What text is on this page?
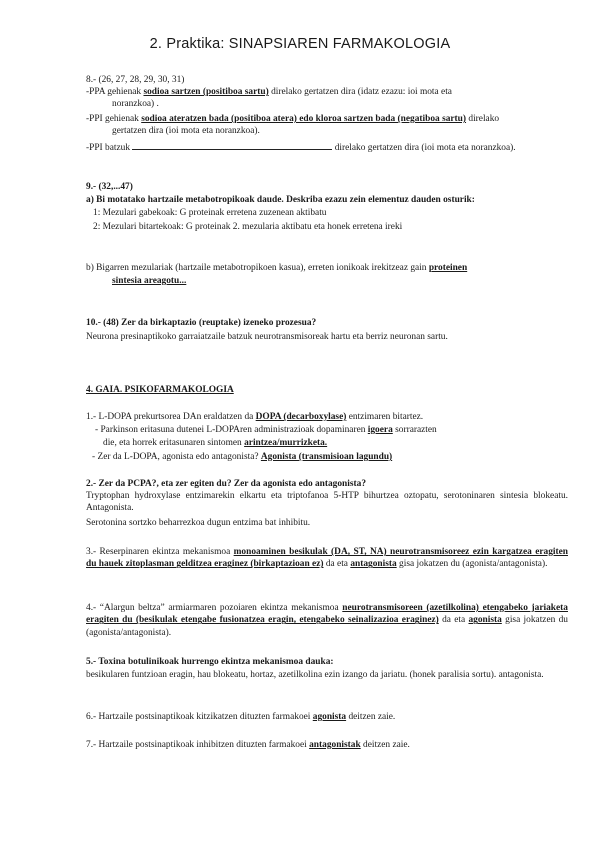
2. Praktika: SINAPSIAREN FARMAKOLOGIA
8.- (26, 27, 28, 29, 30, 31)
-PPA gehienak sodioa sartzen (positiboa sartu) direlako gertatzen dira (idatz ezazu: ioi mota eta
noranzkoa) .
-PPI gehienak sodioa ateratzen bada (positiboa atera) edo kloroa sartzen bada (negatiboa sartu) direlako
gertatzen dira (ioi mota eta noranzkoa).
-PPI batzuk	direlako gertatzen dira (ioi mota eta noranzkoa).
9.- (32,...47)
a) Bi motatako hartzaile metabotropikoak daude. Deskriba ezazu zein elementuz dauden osturik:
1: Mezulari gabekoak: G proteinak erretena zuzenean aktibatu
2: Mezulari bitartekoak: G proteinak 2. mezularia aktibatu eta honek erretena ireki
b) Bigarren mezulariak (hartzaile metabotropikoen kasua), erreten ionikoak irekitzeaz gain proteinen
sintesia areagotu...
10.- (48) Zer da birkaptazio (reuptake) izeneko prozesua?
Neurona presinaptikoko garraiatzaile batzuk neurotransmisoreak hartu eta berriz neuronan sartu.
4. GAIA. PSIKOFARMAKOLOGIA
1.- L-DOPA prekurtsorea DAn eraldatzen da DOPA (decarboxylase) entzimaren bitartez.
- Parkinson eritasuna dutenei L-DOPAren administrazioak dopaminaren igoera sorrarazten
die, eta horrek eritasunaren sintomen arintzea/murrizketa.
- Zer da L-DOPA, agonista edo antagonista? Agonista (transmisioan lagundu)
2.- Zer da PCPA?, eta zer egiten du? Zer da agonista edo antagonista?
Tryptophan hydroxylase entzimarekin elkartu eta triptofanoa 5-HTP bihurtzea oztopatu, serotoninaren sintesia blokeatu. Antagonista.
Serotonina sortzko beharrezkoa dugun entzima bat inhibitu.
3.- Reserpinaren ekintza mekanismoa monoaminen besikulak (DA, ST, NA) neurotransmisoreez ezin kargatzea eragiten du hauek zitoplasman gelditzea eraginez (birkaptazioan ez) da eta antagonista gisa jokatzen du (agonista/antagonista).
4.- “Alargun beltza” armiarmaren pozoiaren ekintza mekanismoa neurotransmisoreen (azetilkolina) etengabeko jariaketa eragiten du (besikulak etengabe fusionatzea eragin, etengabeko seinalizazioa eraginez) da eta agonista gisa jokatzen du (agonista/antagonista).
5.- Toxina botulinikoak hurrengo ekintza mekanismoa dauka:
besikularen funtzioan eragin, hau blokeatu, hortaz, azetilkolina ezin izango da jariatu. (honek paralisia sortu). antagonista.
6.- Hartzaile postsinaptikoak kitzikatzen dituzten farmakoei agonista deitzen zaie.
7.- Hartzaile postsinaptikoak inhibitzen dituzten farmakoei antagonistak deitzen zaie.
